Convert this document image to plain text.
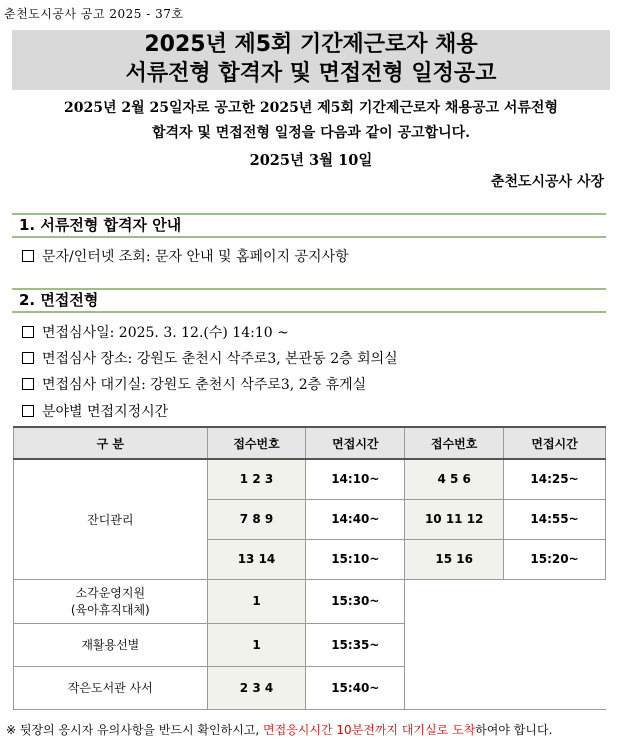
춘천도시공사 공고 2025 - 37호
2025년 제5회 기간제근로자 채용
서류전형 합격자 및 면접전형 일정공고
2025년 2월 25일자로 공고한 2025년 제5회 기간제근로자 채용공고 서류전형
합격자 및 면접전형 일정을 다음과 같이 공고합니다.
2025년 3월 10일
춘천도시공사 사장
1. 서류전형 합격자 안내
문자/인터넷 조회: 문자 안내 및 홈페이지 공지사항
2. 면접전형
면접심사일: 2025. 3. 12.(수) 14:10 ~
면접심사 장소: 강원도 춘천시 삭주로3, 본관동 2층 회의실
면접심사 대기실: 강원도 춘천시 삭주로3, 2층 휴게실
분야별 면접지정시간
구 분	접수번호	면접시간	접수번호	면접시간
잔디관리	1 2 3	14:10~	4 5 6	14:25~
	7 8 9	14:40~	10 11 12	14:55~
	13 14	15:10~	15 16	15:20~

소각운영지원
(육아휴직대체)	1	15:30~		
재활용선별	1	15:35~		
작은도서관 사서	2 3 4	15:40~		
※ 뒷장의 응시자 유의사항을 반드시 확인하시고, 면접응시시간 10분전까지 대기실로 도착하여야 합니다.
